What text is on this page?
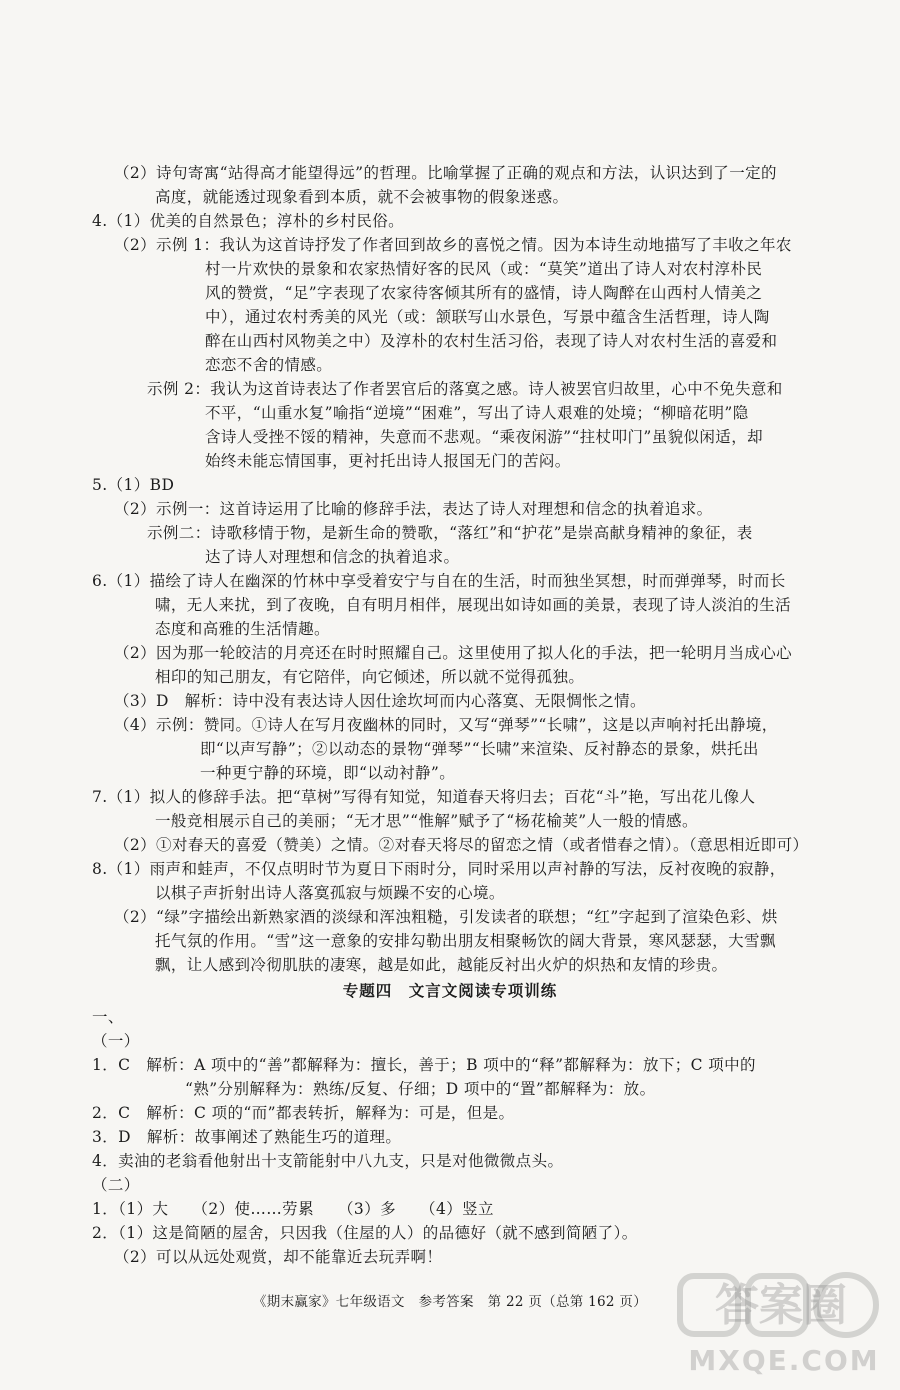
（2）诗句寄寓“站得高才能望得远”的哲理。比喻掌握了正确的观点和方法，认识达到了一定的
高度，就能透过现象看到本质，就不会被事物的假象迷惑。
4.（1）优美的自然景色；淳朴的乡村民俗。
（2）示例 1：我认为这首诗抒发了作者回到故乡的喜悦之情。因为本诗生动地描写了丰收之年农
村一片欢快的景象和农家热情好客的民风（或：“莫笑”道出了诗人对农村淳朴民
风的赞赏，“足”字表现了农家待客倾其所有的盛情，诗人陶醉在山西村人情美之
中），通过农村秀美的风光（或：颔联写山水景色，写景中蕴含生活哲理，诗人陶
醉在山西村风物美之中）及淳朴的农村生活习俗，表现了诗人对农村生活的喜爱和
恋恋不舍的情感。
示例 2：我认为这首诗表达了作者罢官后的落寞之感。诗人被罢官归故里，心中不免失意和
不平，“山重水复”喻指“逆境”“困难”，写出了诗人艰难的处境；“柳暗花明”隐
含诗人受挫不馁的精神，失意而不悲观。“乘夜闲游”“拄杖叩门”虽貌似闲适，却
始终未能忘情国事，更衬托出诗人报国无门的苦闷。
5.（1）BD
（2）示例一：这首诗运用了比喻的修辞手法，表达了诗人对理想和信念的执着追求。
示例二：诗歌移情于物，是新生命的赞歌，“落红”和“护花”是崇高献身精神的象征，表
达了诗人对理想和信念的执着追求。
6.（1）描绘了诗人在幽深的竹林中享受着安宁与自在的生活，时而独坐冥想，时而弹弹琴，时而长
啸，无人来扰，到了夜晚，自有明月相伴，展现出如诗如画的美景，表现了诗人淡泊的生活
态度和高雅的生活情趣。
（2）因为那一轮皎洁的月亮还在时时照耀自己。这里使用了拟人化的手法，把一轮明月当成心心
相印的知己朋友，有它陪伴，向它倾述，所以就不觉得孤独。
（3）D　解析：诗中没有表达诗人因仕途坎坷而内心落寞、无限惆怅之情。
（4）示例：赞同。①诗人在写月夜幽林的同时，又写“弹琴”“长啸”，这是以声响衬托出静境，
即“以声写静”；②以动态的景物“弹琴”“长啸”来渲染、反衬静态的景象，烘托出
一种更宁静的环境，即“以动衬静”。
7.（1）拟人的修辞手法。把“草树”写得有知觉，知道春天将归去；百花“斗”艳，写出花儿像人
一般竞相展示自己的美丽；“无才思”“惟解”赋予了“杨花榆荚”人一般的情感。
（2）①对春天的喜爱（赞美）之情。②对春天将尽的留恋之情（或者惜春之情）。（意思相近即可）
8.（1）雨声和蛙声，不仅点明时节为夏日下雨时分，同时采用以声衬静的写法，反衬夜晚的寂静，
以棋子声折射出诗人落寞孤寂与烦躁不安的心境。
（2）“绿”字描绘出新熟家酒的淡绿和浑浊粗糙，引发读者的联想；“红”字起到了渲染色彩、烘
托气氛的作用。“雪”这一意象的安排勾勒出朋友相聚畅饮的阔大背景，寒风瑟瑟，大雪飘
飘，让人感到冷彻肌肤的凄寒，越是如此，越能反衬出火炉的炽热和友情的珍贵。
专题四　文言文阅读专项训练
一、
（一）
1．C　解析：A 项中的“善”都解释为：擅长，善于；B 项中的“释”都解释为：放下；C 项中的
“熟”分别解释为：熟练/反复、仔细；D 项中的“置”都解释为：放。
2．C　解析：C 项的“而”都表转折，解释为：可是，但是。
3．D　解析：故事阐述了熟能生巧的道理。
4．卖油的老翁看他射出十支箭能射中八九支，只是对他微微点头。
（二）
1．（1）大　　（2）使……劳累　　（3）多　　（4）竖立
2．（1）这是简陋的屋舍，只因我（住屋的人）的品德好（就不感到简陋了）。
（2）可以从远处观赏，却不能靠近去玩弄啊！
《期末赢家》七年级语文　参考答案　第 22 页（总第 162 页）	答案圈
MXQE.COM
